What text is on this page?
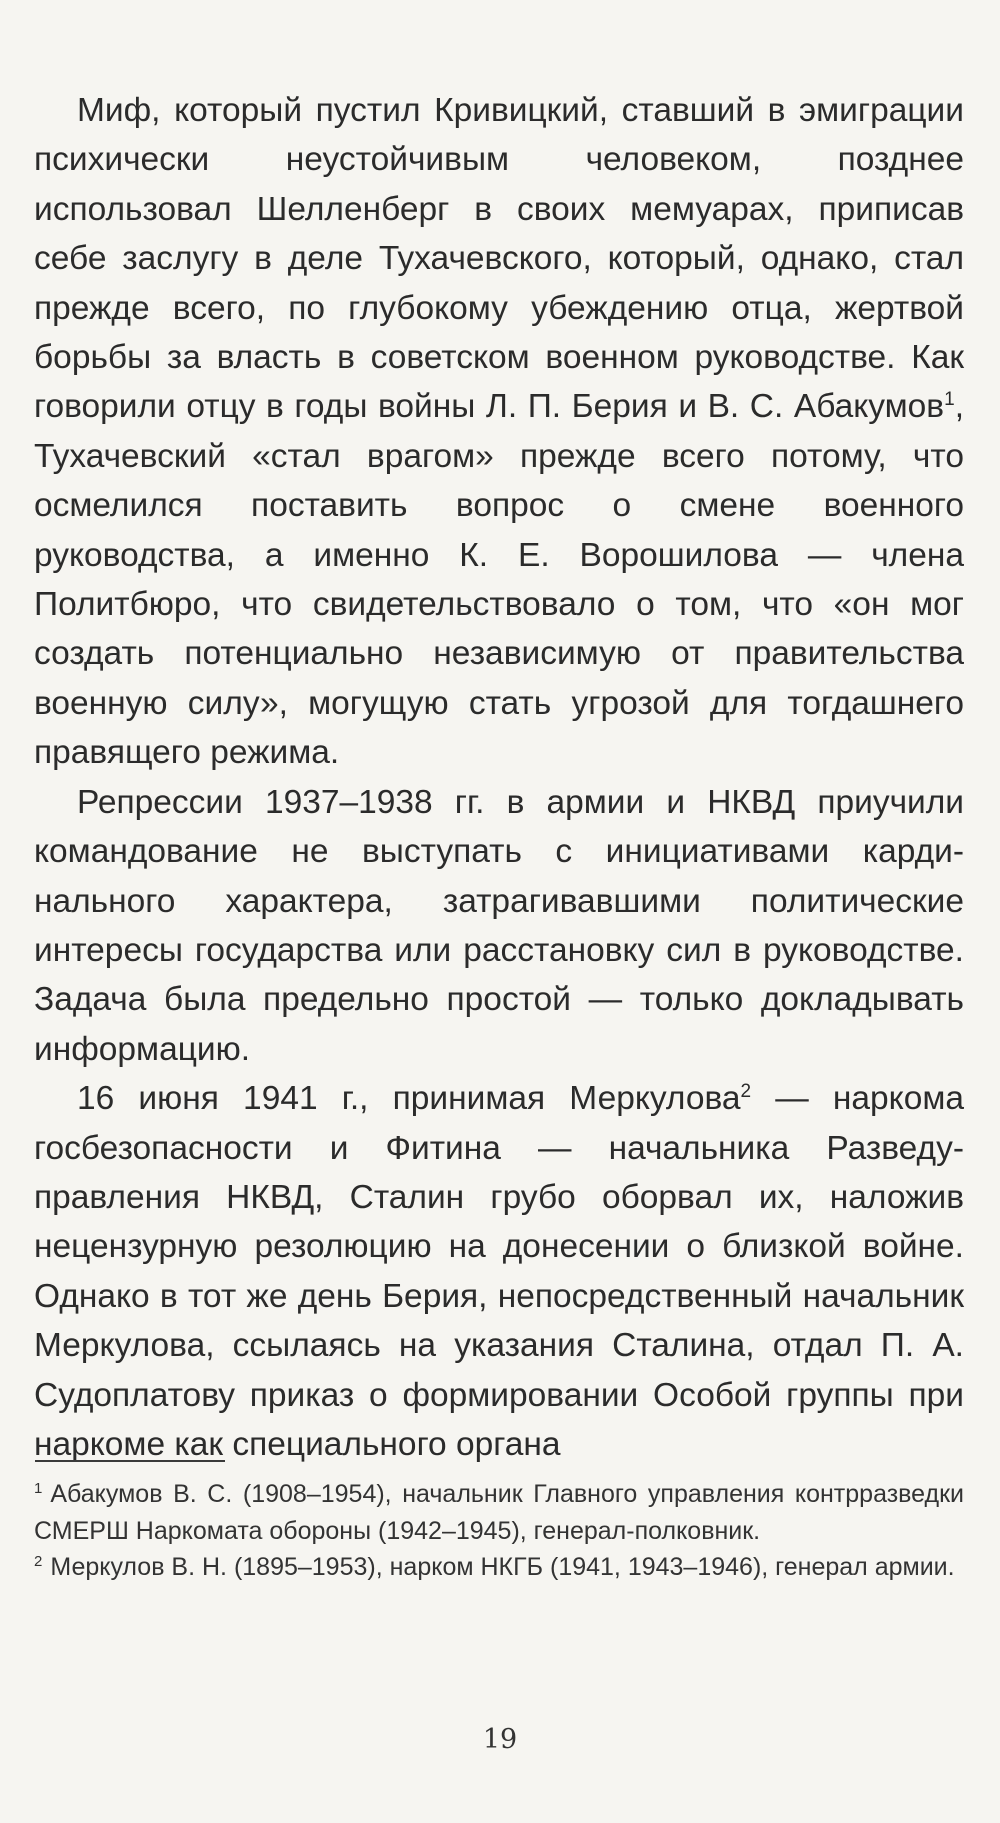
Миф, который пустил Кривицкий, ставший в эмиграции психически неустойчивым человеком, позднее использовал Шелленберг в своих мемуарах, приписав себе заслугу в деле Тухачевского, который, однако, стал прежде всего, по глубокому убеждению отца, жертвой борьбы за власть в советском военном руководстве. Как говорили отцу в годы войны Л. П. Берия и В. С. Абакумов$^1$, Тухачевский «стал врагом» прежде всего потому, что осмелился поставить вопрос о смене военного руководства, а именно К. Е. Ворошилова — члена Политбюро, что свидетельствовало о том, что «он мог создать потенциально независимую от правительства военную силу», могущую стать угрозой для тогдашнего правящего режима.

Репрессии 1937–1938 гг. в армии и НКВД приучили командование не выступать с инициативами кардинального характера, затрагивавшими политические интересы государства или расстановку сил в руководстве. Задача была предельно простой — только докладывать информацию.

16 июня 1941 г., принимая Меркулова$^2$ — наркома госбезопасности и Фитина — начальника Разведуправления НКВД, Сталин грубо оборвал их, наложив нецензурную резолюцию на донесении о близкой войне. Однако в тот же день Берия, непосредственный начальник Меркулова, ссылаясь на указания Сталина, отдал П. А. Судоплатову приказ о формировании Особой группы при наркоме как специального органа

$^1$ Абакумов В. С. (1908–1954), начальник Главного управления контрразведки СМЕРШ Наркомата обороны (1942–1945), генерал-полковник.

$^2$ Меркулов В. Н. (1895–1953), нарком НКГБ (1941, 1943–1946), генерал армии.

19
